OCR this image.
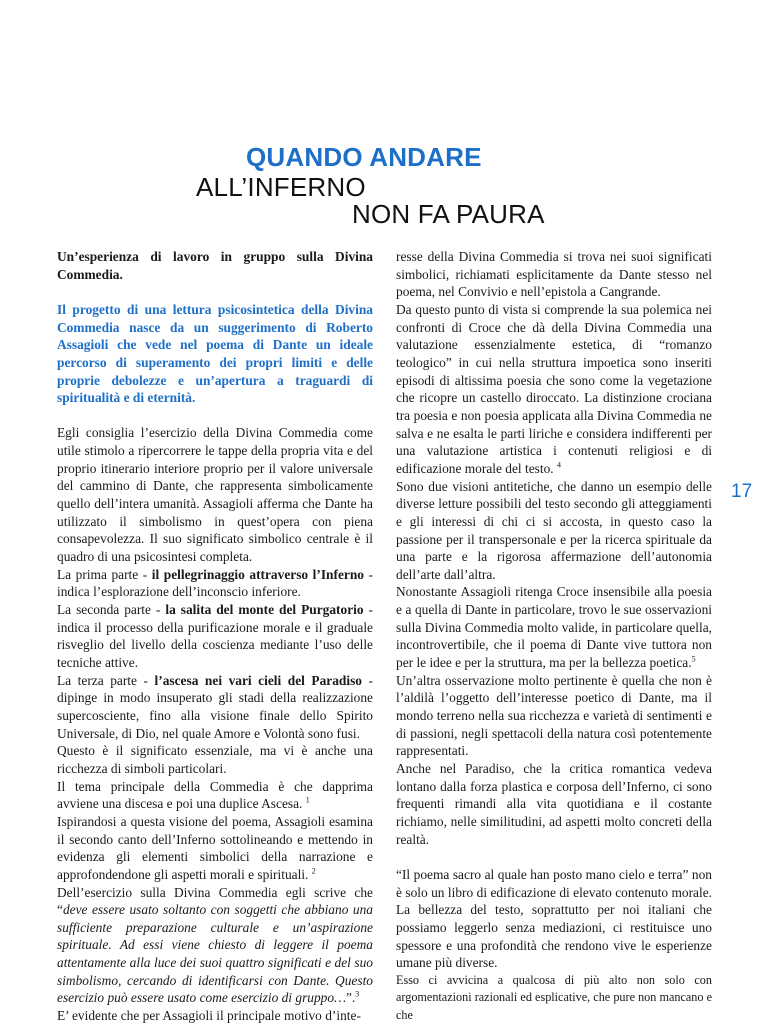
QUANDO ANDARE
ALL’INFERNO
NON FA PAURA

Un’esperienza di lavoro in gruppo sulla Divina Commedia.

Il progetto di una lettura psicosintetica della Divina Commedia nasce da un suggerimento di Roberto Assagioli che vede nel poema di Dante un ideale percorso di superamento dei propri limiti e delle proprie debolezze e un’apertura a traguardi di spiritualità e di eternità.

Egli consiglia l’esercizio della Divina Commedia come utile stimolo a ripercorrere le tappe della propria vita e del proprio itinerario interiore proprio per il valore universale del cammino di Dante, che rappresenta simbolicamente quello dell’intera umanità. Assagioli afferma che Dante ha utilizzato il simbolismo in quest’opera con piena consapevolezza. Il suo significato simbolico centrale è il quadro di una psicosintesi completa.

La prima parte - il pellegrinaggio attraverso l’Inferno - indica l’esplorazione dell’inconscio inferiore.

La seconda parte - la salita del monte del Purgatorio - indica il processo della purificazione morale e il graduale risveglio del livello della coscienza mediante l’uso delle tecniche attive.

La terza parte - l’ascesa nei vari cieli del Paradiso - dipinge in modo insuperato gli stadi della realizzazione supercosciente, fino alla visione finale dello Spirito Universale, di Dio, nel quale Amore e Volontà sono fusi.

Questo è il significato essenziale, ma vi è anche una ricchezza di simboli particolari.

Il tema principale della Commedia è che dapprima avviene una discesa e poi una duplice Ascesa. $^1$

Ispirandosi a questa visione del poema, Assagioli esamina il secondo canto dell’Inferno sottolineando e mettendo in evidenza gli elementi simbolici della narrazione e approfondendone gli aspetti morali e spirituali. $^2$

Dell’esercizio sulla Divina Commedia egli scrive che “deve essere usato soltanto con soggetti che abbiano una sufficiente preparazione culturale e un’aspirazione spirituale. Ad essi viene chiesto di leggere il poema attentamente alla luce dei suoi quattro significati e del suo simbolismo, cercando di identificarsi con Dante. Questo esercizio può essere usato come esercizio di gruppo…”.$^3$

E’ evidente che per Assagioli il principale motivo d’inte-

resse della Divina Commedia si trova nei suoi significati simbolici, richiamati esplicitamente da Dante stesso nel poema, nel Convivio e nell’epistola a Cangrande.

Da questo punto di vista si comprende la sua polemica nei confronti di Croce che dà della Divina Commedia una valutazione essenzialmente estetica, di “romanzo teologico” in cui nella struttura impoetica sono inseriti episodi di altissima poesia che sono come la vegetazione che ricopre un castello diroccato. La distinzione crociana tra poesia e non poesia applicata alla Divina Commedia ne salva e ne esalta le parti liriche e considera indifferenti per una valutazione artistica i contenuti religiosi e di edificazione morale del testo. $^4$

Sono due visioni antitetiche, che danno un esempio delle diverse letture possibili del testo secondo gli atteggiamenti e gli interessi di chi ci si accosta, in questo caso la passione per il transpersonale e per la ricerca spirituale da una parte e la rigorosa affermazione dell’autonomia dell’arte dall’altra.

Nonostante Assagioli ritenga Croce insensibile alla poesia e a quella di Dante in particolare, trovo le sue osservazioni sulla Divina Commedia molto valide, in particolare quella, incontrovertibile, che il poema di Dante vive tuttora non per le idee e per la struttura, ma per la bellezza poetica.$^5$

Un’altra osservazione molto pertinente è quella che non è l’aldilà l’oggetto dell’interesse poetico di Dante, ma il mondo terreno nella sua ricchezza e varietà di sentimenti e di passioni, negli spettacoli della natura così potentemente rappresentati.

Anche nel Paradiso, che la critica romantica vedeva lontano dalla forza plastica e corposa dell’Inferno, ci sono frequenti rimandi alla vita quotidiana e il costante richiamo, nelle similitudini, ad aspetti molto concreti della realtà.

“Il poema sacro al quale han posto mano cielo e terra” non è solo un libro di edificazione di elevato contenuto morale. La bellezza del testo, soprattutto per noi italiani che possiamo leggerlo senza mediazioni, ci restituisce uno spessore e una profondità che rendono vive le esperienze umane più diverse.

Esso ci avvicina a qualcosa di più alto non solo con argomentazioni razionali ed esplicative, che pure non mancano e che

17
